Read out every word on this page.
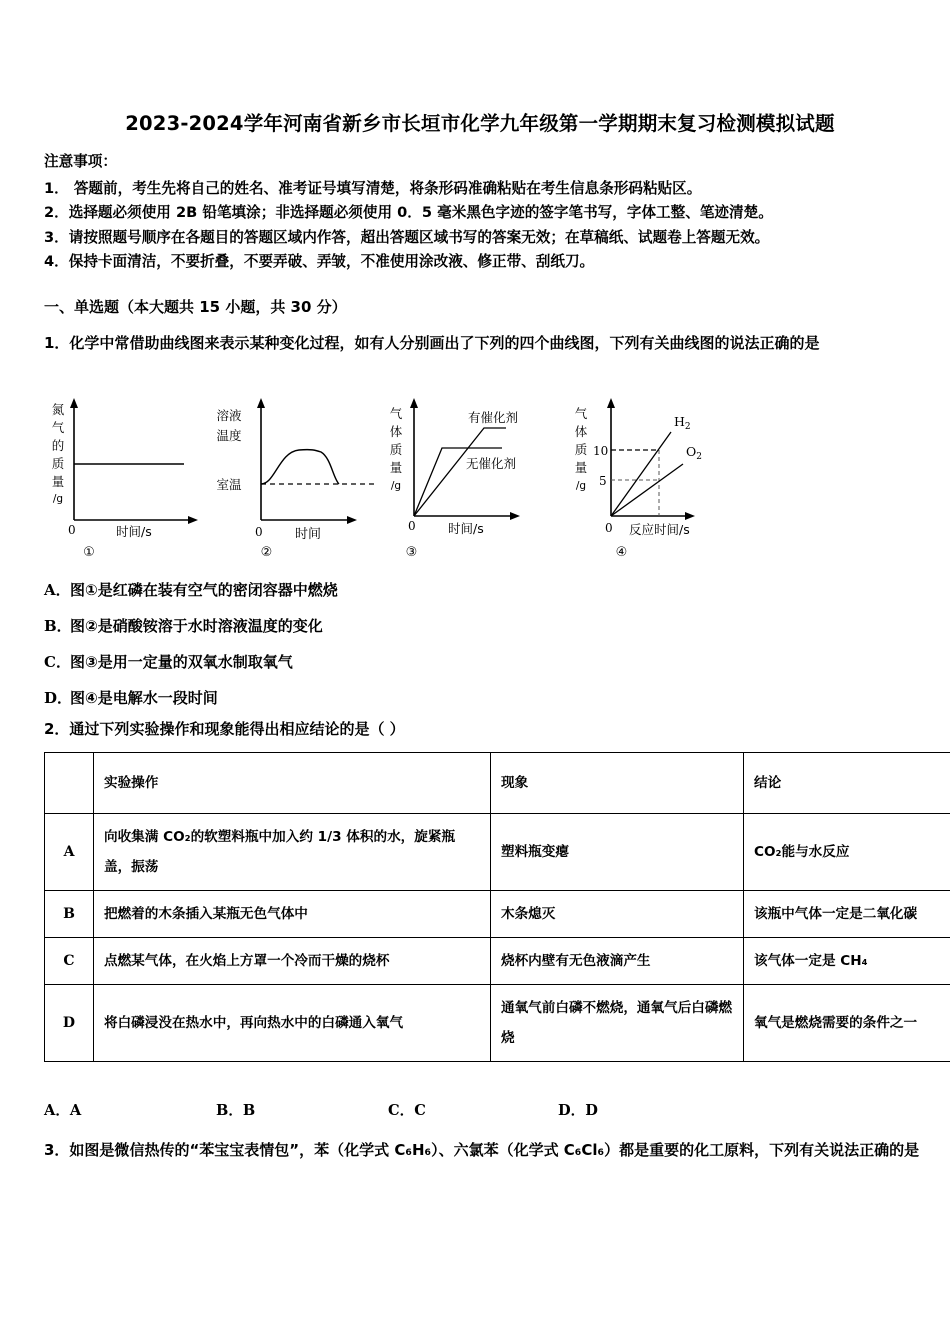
2023-2024学年河南省新乡市长垣市化学九年级第一学期期末复习检测模拟试题

注意事项：

1． 答题前，考生先将自己的姓名、准考证号填写清楚，将条形码准确粘贴在考生信息条形码粘贴区。

2．选择题必须使用 2B 铅笔填涂；非选择题必须使用 0．5 毫米黑色字迹的签字笔书写，字体工整、笔迹清楚。

3．请按照题号顺序在各题目的答题区域内作答，超出答题区域书写的答案无效；在草稿纸、试题卷上答题无效。

4．保持卡面清洁，不要折叠，不要弄破、弄皱，不准使用涂改液、修正带、刮纸刀。

一、单选题（本大题共 15 小题，共 30 分）
1．化学中常借助曲线图来表示某种变化过程，如有人分别画出了下列的四个曲线图，下列有关曲线图的说法正确的是
氮
气
的
质
量
/g
0	时间/s
①
溶液
温度
室温
0 时间
②
气
体
质
量
/g
0	时间/s
有催化剂
无催化剂
③
气
体
质
量
/g
10
5
0 反应时间/s
$H_2$
$O_2$
④
A．图①是红磷在装有空气的密闭容器中燃烧
B．图②是硝酸铵溶于水时溶液温度的变化
C．图③是用一定量的双氧水制取氧气
D．图④是电解水一段时间
2．通过下列实验操作和现象能得出相应结论的是（ ）
	实验操作	现象	结论
A	向收集满 CO₂的软塑料瓶中加入约 1/3 体积的水，旋紧瓶盖，振荡	塑料瓶变瘪	CO₂能与水反应
B	把燃着的木条插入某瓶无色气体中	木条熄灭	该瓶中气体一定是二氧化碳
C	点燃某气体，在火焰上方罩一个冷而干燥的烧杯	烧杯内壁有无色液滴产生	该气体一定是 CH₄
D	将白磷浸没在热水中，再向热水中的白磷通入氧气	通氧气前白磷不燃烧，通氧气后白磷燃烧	氧气是燃烧需要的条件之一
A．A	B．B	C．C	D．D
3．如图是微信热传的“苯宝宝表情包”，苯（化学式 C₆H₆）、六氯苯（化学式 C₆Cl₆）都是重要的化工原料，下列有关说法正确的是
